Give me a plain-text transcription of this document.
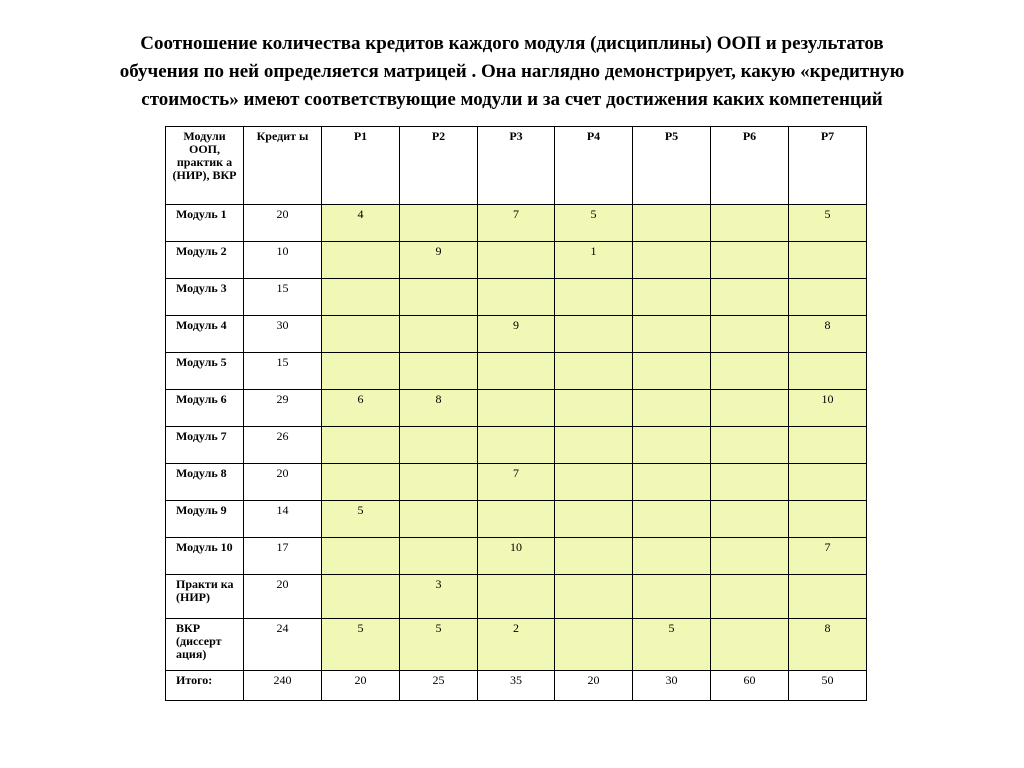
Соотношение количества кредитов каждого модуля (дисциплины) ООП и результатов
обучения по ней определяется матрицей . Она наглядно демонстрирует, какую «кредитную
стоимость» имеют соответствующие модули и за счет достижения каких компетенций
Модули ООП, практик а (НИР), ВКР	Кредит ы	Р1	Р2	Р3	Р4	Р5	Р6	Р7
Модуль 1	20	4		7	5			5
Модуль 2	10		9		1			
Модуль 3	15							
Модуль 4	30			9				8
Модуль 5	15							
Модуль 6	29	6	8					10
Модуль 7	26							
Модуль 8	20			7				
Модуль 9	14	5						
Модуль 10	17			10				7
Практи ка (НИР)	20		3					
ВКР (диссерт ация)	24	5	5	2		5		8
Итого:	240	20	25	35	20	30	60	50
